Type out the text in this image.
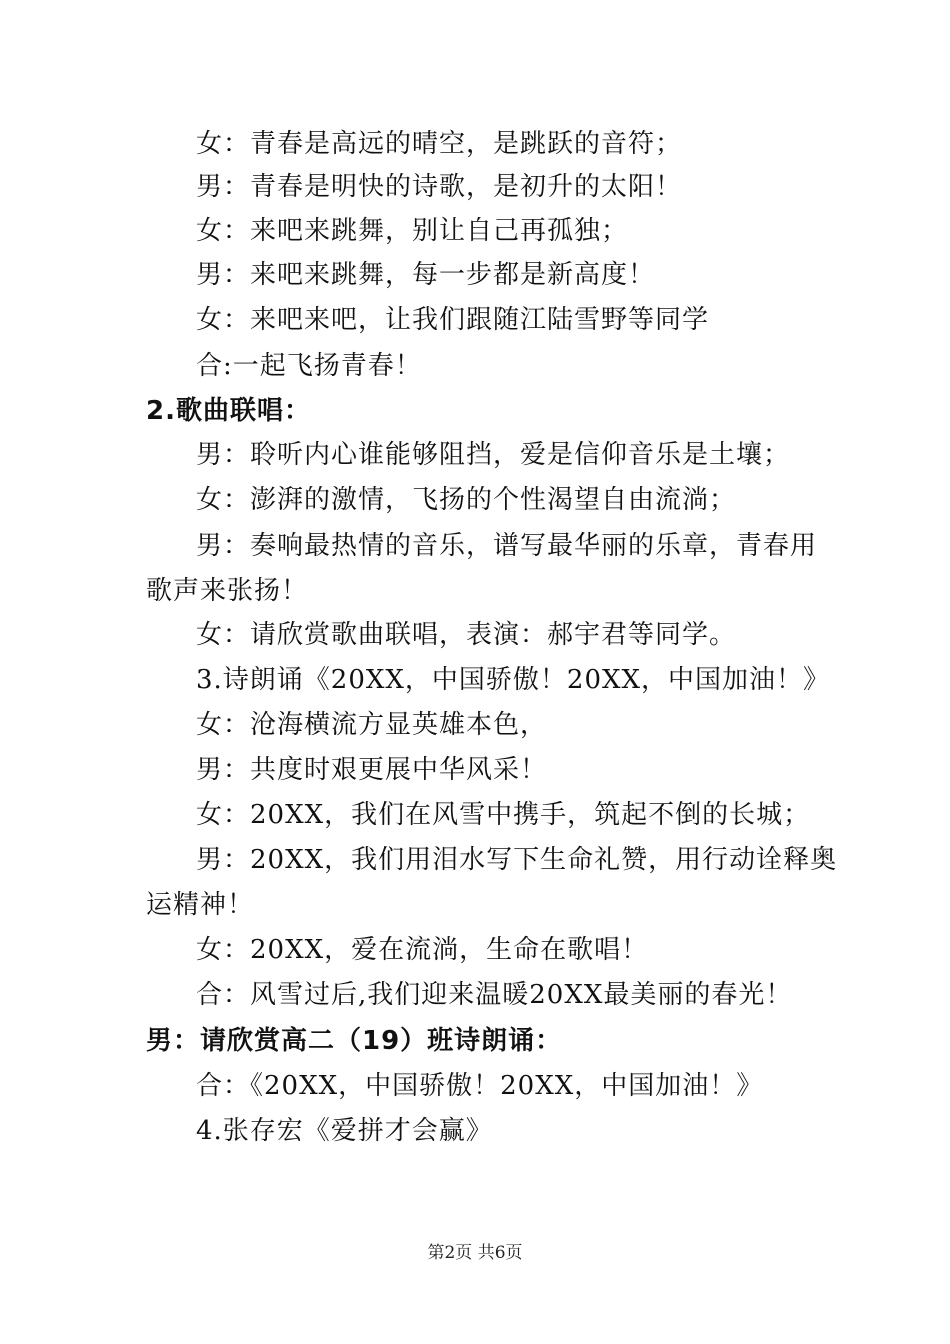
女：青春是高远的晴空，是跳跃的音符；
男：青春是明快的诗歌，是初升的太阳！
女：来吧来跳舞，别让自己再孤独；
男：来吧来跳舞，每一步都是新高度！
女：来吧来吧，让我们跟随江陆雪野等同学
合:一起飞扬青春！
2.歌曲联唱：
男：聆听内心谁能够阻挡，爱是信仰音乐是土壤；
女：澎湃的激情，飞扬的个性渴望自由流淌；
男：奏响最热情的音乐，谱写最华丽的乐章，青春用
歌声来张扬！
女：请欣赏歌曲联唱，表演：郝宇君等同学。
3.诗朗诵《20XX，中国骄傲！20XX，中国加油！》
女：沧海横流方显英雄本色，
男：共度时艰更展中华风采！
女：20XX，我们在风雪中携手，筑起不倒的长城；
男：20XX，我们用泪水写下生命礼赞，用行动诠释奥
运精神！
女：20XX，爱在流淌，生命在歌唱！
合：风雪过后,我们迎来温暖20XX最美丽的春光！
男：请欣赏高二（19）班诗朗诵：
合：《20XX，中国骄傲！20XX，中国加油！》
4.张存宏《爱拼才会赢》
第2页 共6页
